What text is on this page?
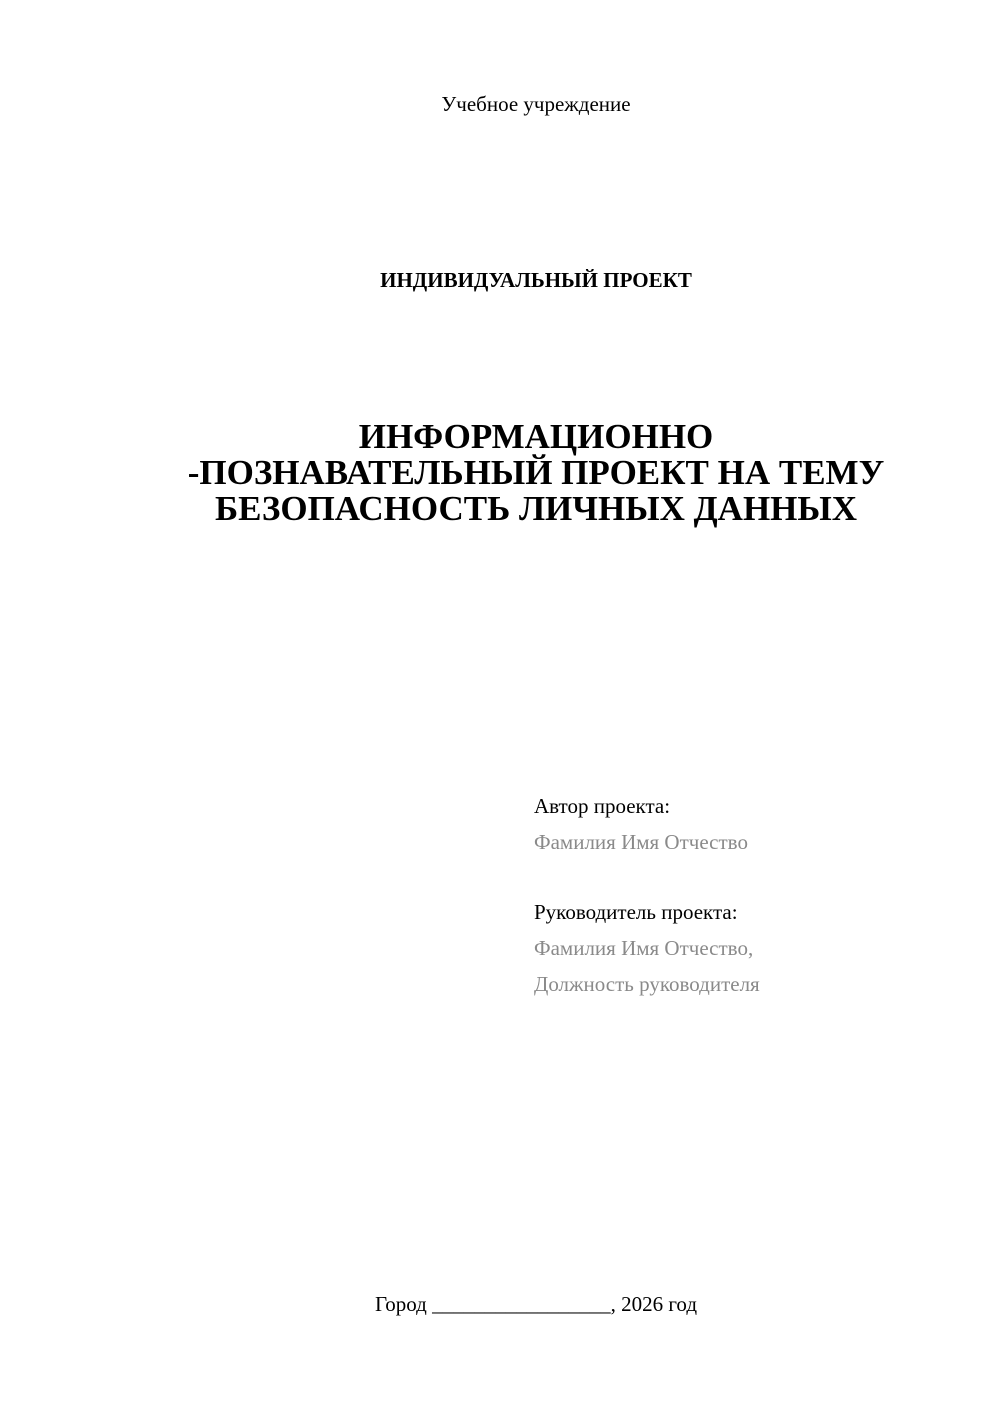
Учебное учреждение
ИНДИВИДУАЛЬНЫЙ ПРОЕКТ
ИНФОРМАЦИОННО
-ПОЗНАВАТЕЛЬНЫЙ ПРОЕКТ НА ТЕМУ
БЕЗОПАСНОСТЬ ЛИЧНЫХ ДАННЫХ
Автор проекта:
Фамилия Имя Отчество
Руководитель проекта:
Фамилия Имя Отчество,
Должность руководителя
Город _________________, 2026 год
